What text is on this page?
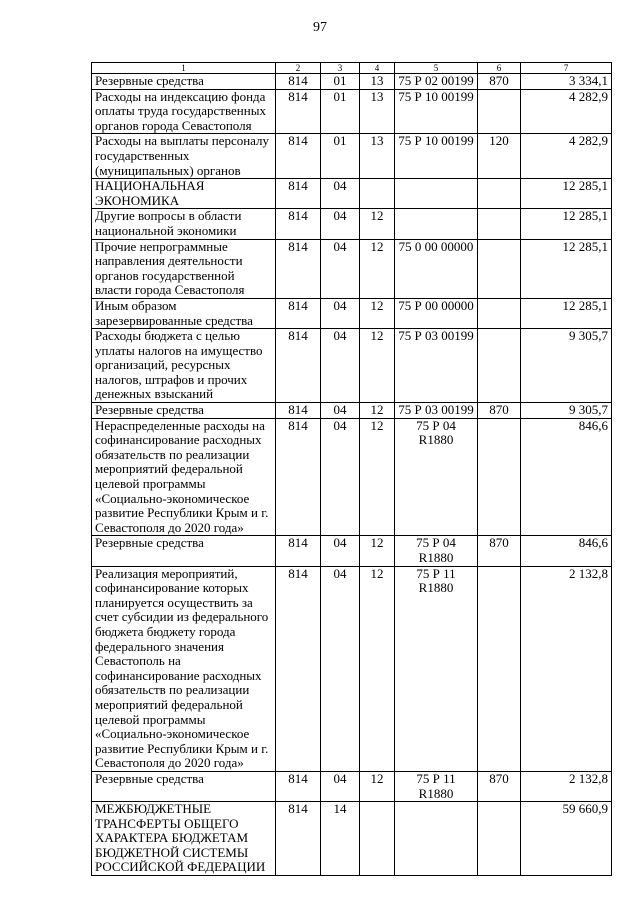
97
1	2	3	4	5	6	7
Резервные средства	814	01	13	75 Р 02 00199	870	3 334,1
Расходы на индексацию фонда оплаты труда государственных органов города Севастополя	814	01	13	75 Р 10 00199		4 282,9
Расходы на выплаты персоналу государственных (муниципальных) органов	814	01	13	75 Р 10 00199	120	4 282,9
НАЦИОНАЛЬНАЯ ЭКОНОМИКА	814	04				12 285,1
Другие вопросы в области национальной экономики	814	04	12			12 285,1
Прочие непрограммные направления деятельности органов государственной власти города Севастополя	814	04	12	75 0 00 00000		12 285,1
Иным образом зарезервированные средства	814	04	12	75 Р 00 00000		12 285,1
Расходы бюджета с целью уплаты налогов на имущество организаций, ресурсных налогов, штрафов и прочих денежных взысканий	814	04	12	75 Р 03 00199		9 305,7
Резервные средства	814	04	12	75 Р 03 00199	870	9 305,7
Нераспределенные расходы на софинансирование расходных обязательств по реализации мероприятий федеральной целевой программы «Социально-экономическое развитие Республики Крым и г. Севастополя до 2020 года»	814	04	12	75 Р 04 R1880		846,6
Резервные средства	814	04	12	75 Р 04 R1880	870	846,6
Реализация мероприятий, софинансирование которых планируется осуществить за счет субсидии из федерального бюджета бюджету города федерального значения Севастополь на софинансирование расходных обязательств по реализации мероприятий федеральной целевой программы «Социально-экономическое развитие Республики Крым и г. Севастополя до 2020 года»	814	04	12	75 Р 11 R1880		2 132,8
Резервные средства	814	04	12	75 Р 11 R1880	870	2 132,8
МЕЖБЮДЖЕТНЫЕ ТРАНСФЕРТЫ ОБЩЕГО ХАРАКТЕРА БЮДЖЕТАМ БЮДЖЕТНОЙ СИСТЕМЫ РОССИЙСКОЙ ФЕДЕРАЦИИ	814	14				59 660,9
